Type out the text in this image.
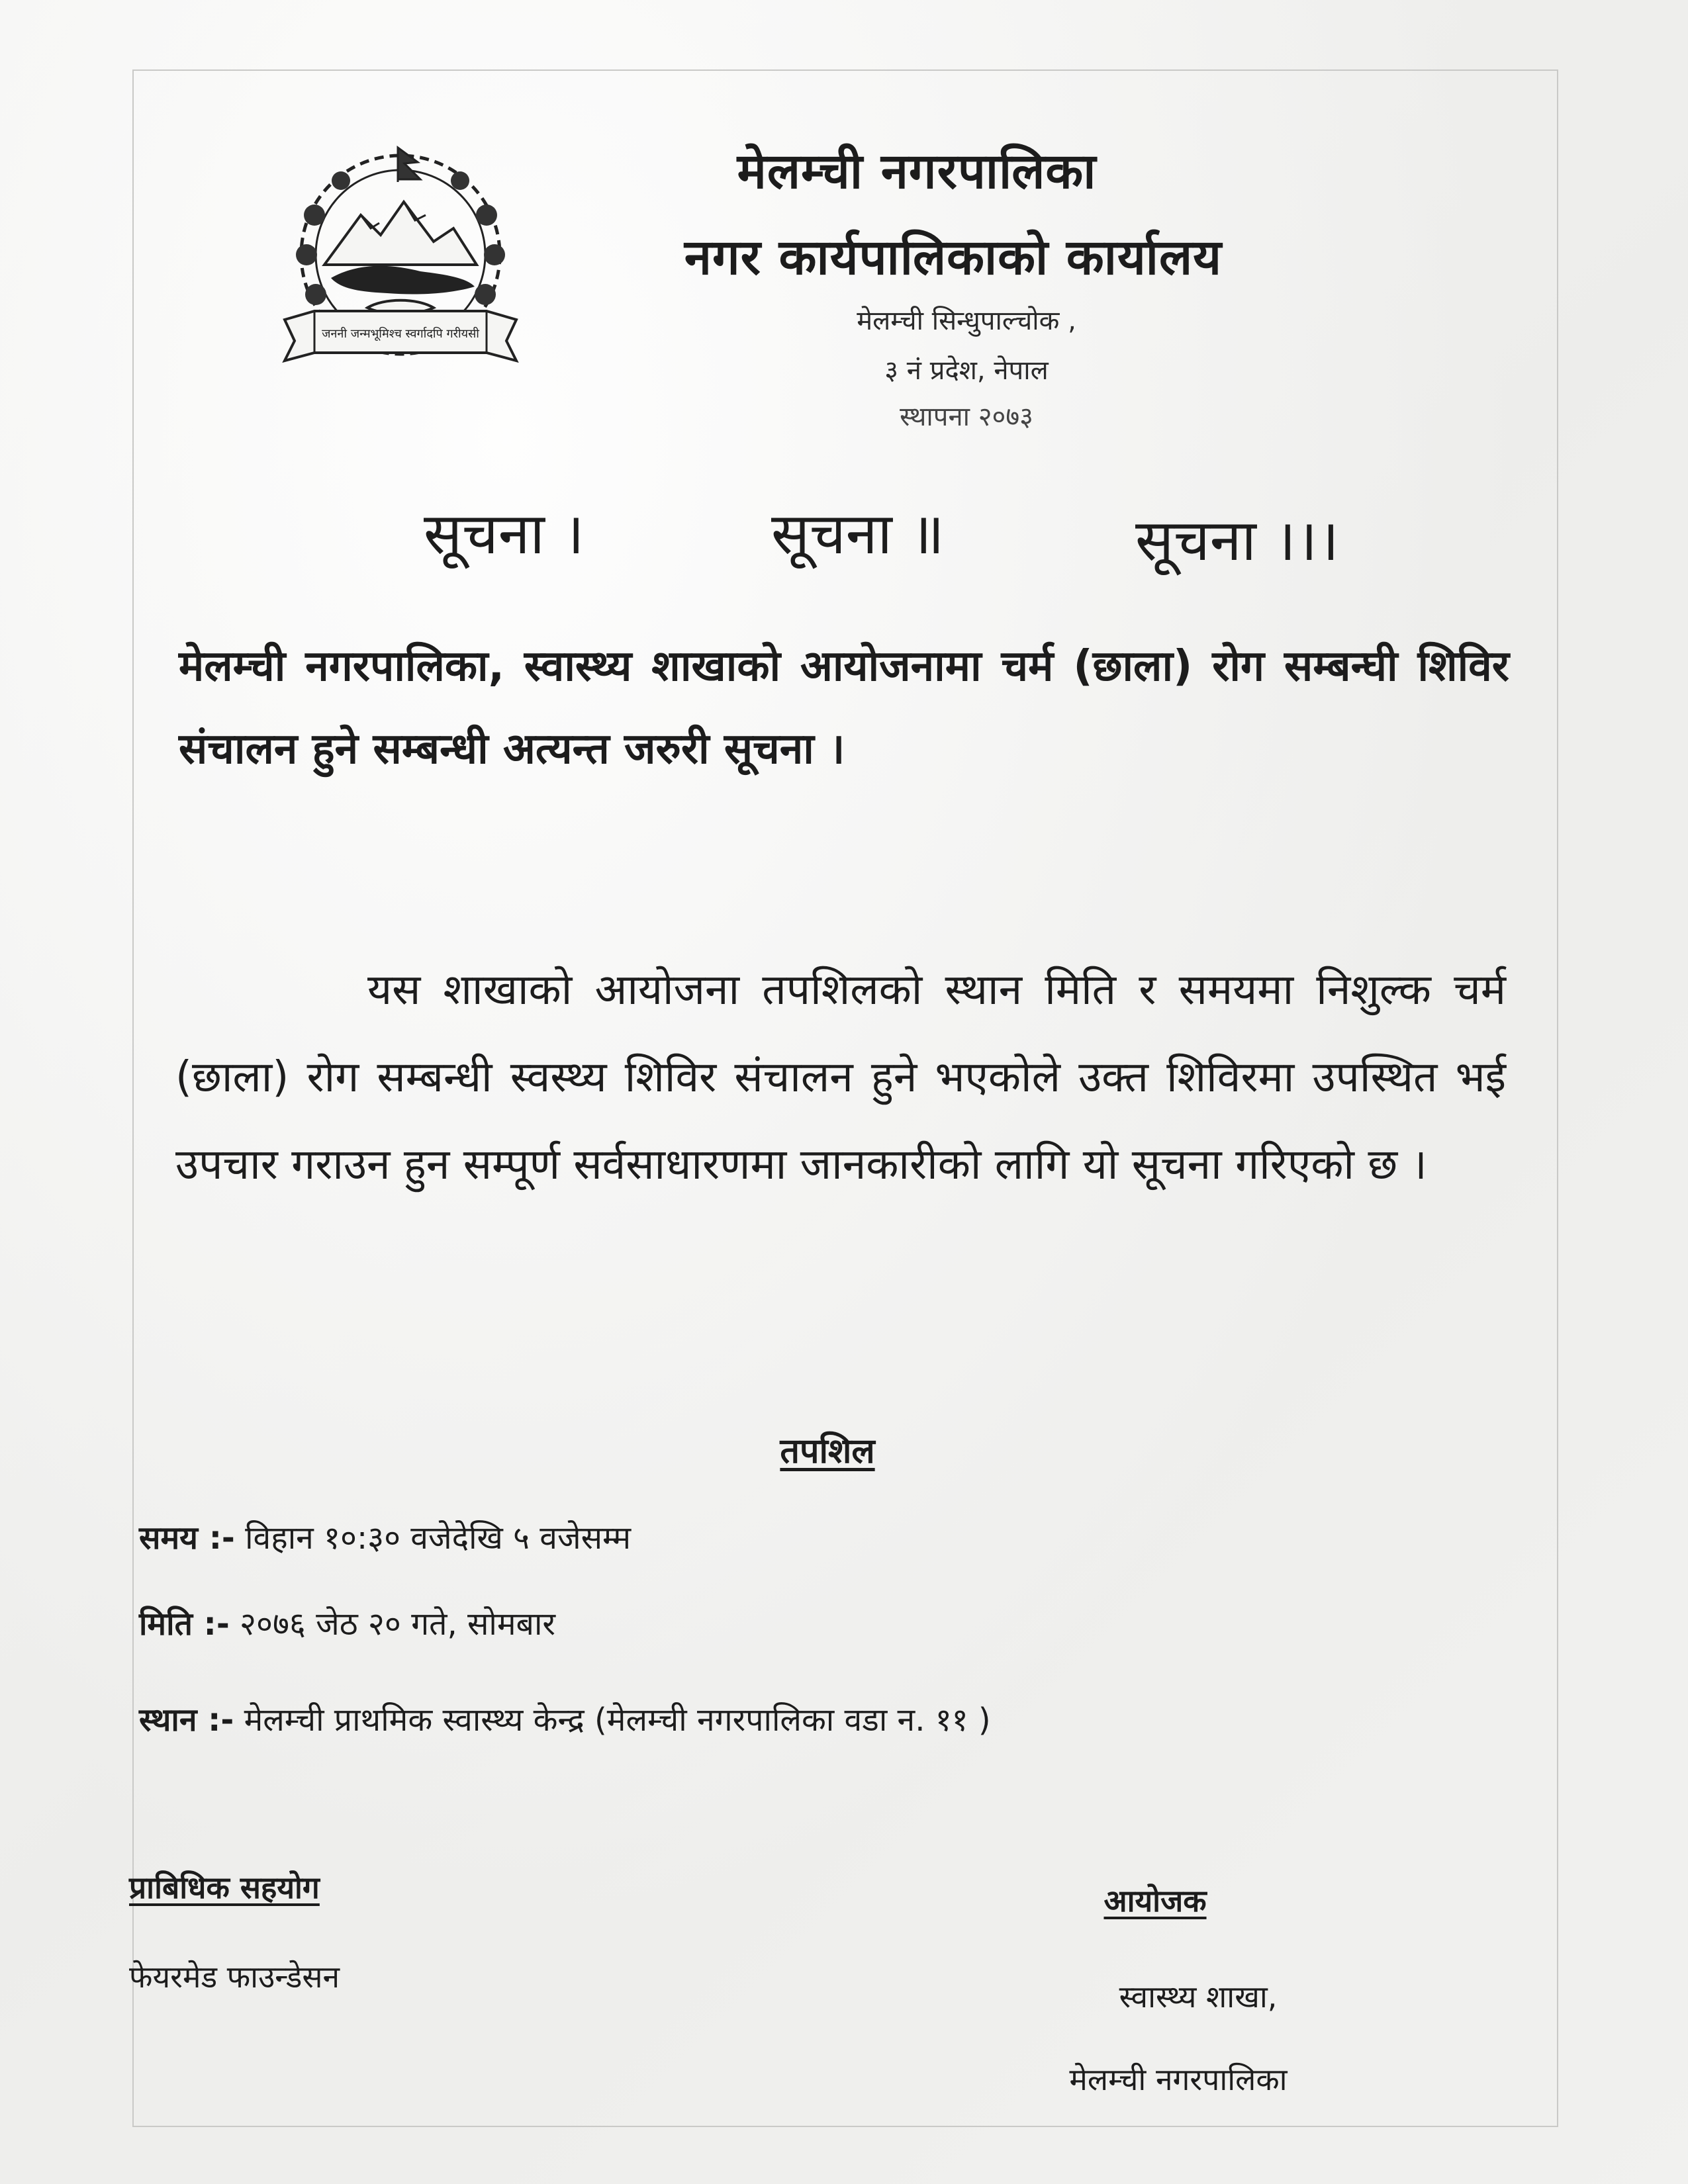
जननी जन्मभूमिश्च स्वर्गादपि गरीयसी
मेलम्ची नगरपालिका
नगर कार्यपालिकाको कार्यालय
मेलम्ची सिन्धुपाल्चोक ,
३ नं प्रदेश, नेपाल
स्थापना २०७३
सूचना ।	सूचना ॥	सूचना ।।।
मेलम्ची नगरपालिका, स्वास्थ्य शाखाको आयोजनामा चर्म (छाला) रोग सम्बन्घी शिविर संचालन हुने सम्बन्धी अत्यन्त जरुरी सूचना ।
यस शाखाको आयोजना तपशिलको स्थान मिति र समयमा निशुल्क चर्म (छाला) रोग सम्बन्धी स्वस्थ्य शिविर संचालन हुने भएकोले उक्त शिविरमा उपस्थित भई उपचार गराउन हुन सम्पूर्ण सर्वसाधारणमा जानकारीको लागि यो सूचना गरिएको छ ।
तपशिल
समय :- विहान १०:३० वजेदेखि ५ वजेसम्म
मिति :- २०७६ जेठ २० गते, सोमबार
स्थान :- मेलम्ची प्राथमिक स्वास्थ्य केन्द्र (मेलम्ची नगरपालिका वडा न. ११ )
प्राबिधिक सहयोग
फेयरमेड फाउन्डेसन
आयोजक
स्वास्थ्य शाखा,
मेलम्ची नगरपालिका
